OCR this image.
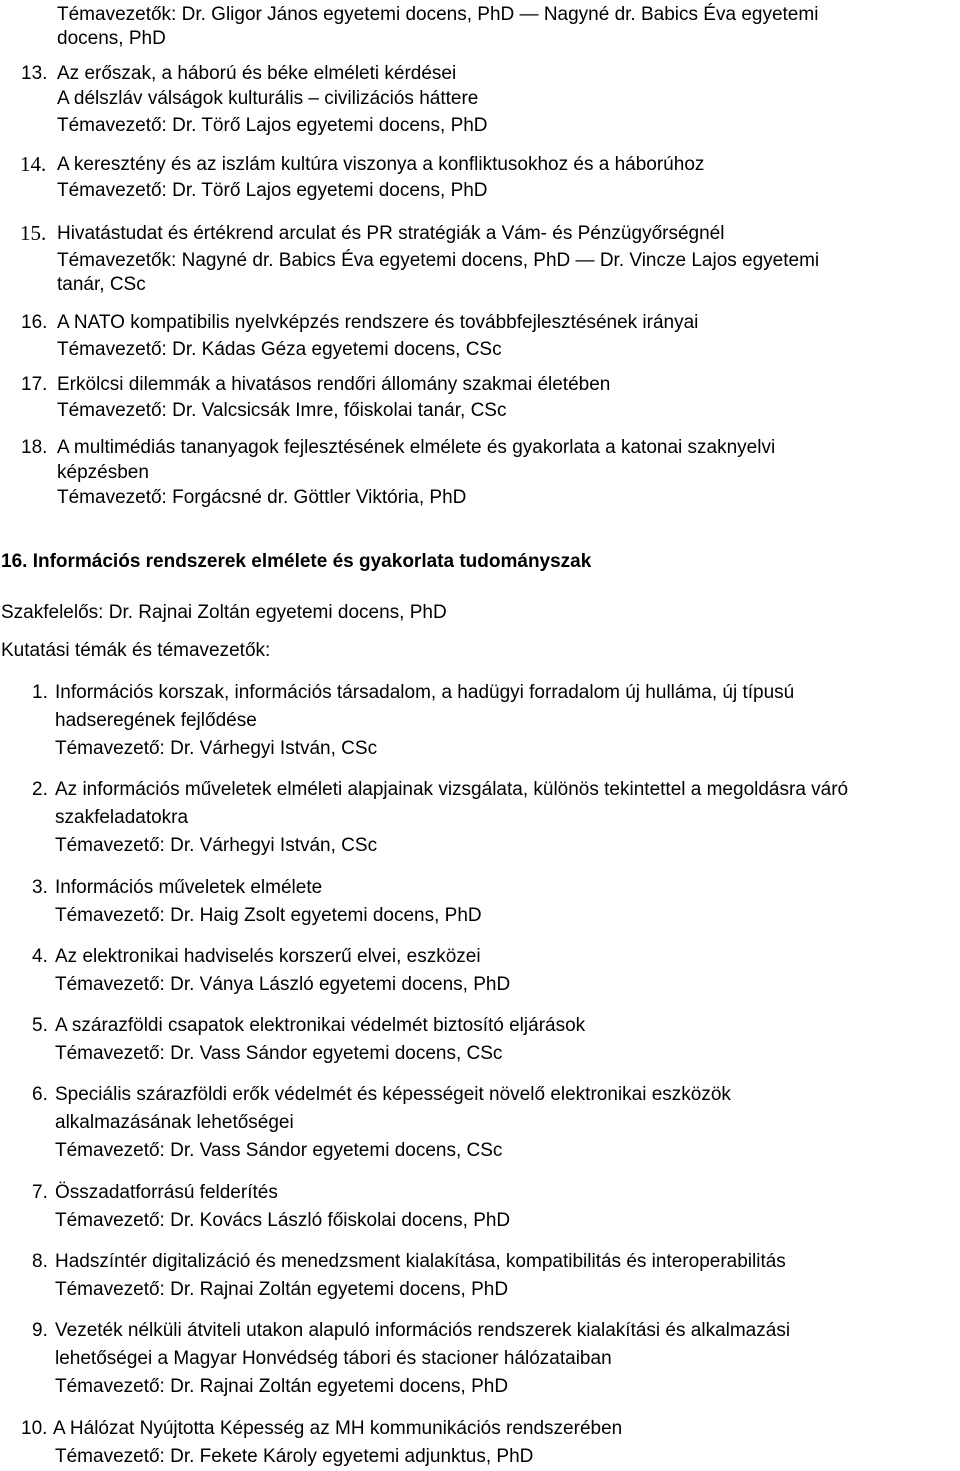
Témavezetők: Dr. Gligor János egyetemi docens, PhD — Nagyné dr. Babics Éva egyetemi
docens, PhD
13. Az erőszak, a háború és béke elméleti kérdései
A délszláv válságok kulturális – civilizációs háttere
Témavezető: Dr. Törő Lajos egyetemi docens, PhD
14. A keresztény és az iszlám kultúra viszonya a konfliktusokhoz és a háborúhoz
Témavezető: Dr. Törő Lajos egyetemi docens, PhD
15. Hivatástudat és értékrend arculat és PR stratégiák a Vám- és Pénzügyőrségnél
Témavezetők: Nagyné dr. Babics Éva egyetemi docens, PhD — Dr. Vincze Lajos egyetemi
tanár, CSc
16. A NATO kompatibilis nyelvképzés rendszere és továbbfejlesztésének irányai
Témavezető: Dr. Kádas Géza egyetemi docens, CSc
17. Erkölcsi dilemmák a hivatásos rendőri állomány szakmai életében
Témavezető: Dr. Valcsicsák Imre, főiskolai tanár, CSc
18. A multimédiás tananyagok fejlesztésének elmélete és gyakorlata a katonai szaknyelvi
képzésben
Témavezető: Forgácsné dr. Göttler Viktória, PhD
16. Információs rendszerek elmélete és gyakorlata tudományszak
Szakfelelős: Dr. Rajnai Zoltán egyetemi docens, PhD
Kutatási témák és témavezetők:
1. Információs korszak, információs társadalom, a hadügyi forradalom új hulláma, új típusú
hadseregének fejlődése
Témavezető: Dr. Várhegyi István, CSc
2. Az információs műveletek elméleti alapjainak vizsgálata, különös tekintettel a megoldásra váró
szakfeladatokra
Témavezető: Dr. Várhegyi István, CSc
3. Információs műveletek elmélete
Témavezető: Dr. Haig Zsolt egyetemi docens, PhD
4. Az elektronikai hadviselés korszerű elvei, eszközei
Témavezető: Dr. Ványa László egyetemi docens, PhD
5. A szárazföldi csapatok elektronikai védelmét biztosító eljárások
Témavezető: Dr. Vass Sándor egyetemi docens, CSc
6. Speciális szárazföldi erők védelmét és képességeit növelő elektronikai eszközök
alkalmazásának lehetőségei
Témavezető: Dr. Vass Sándor egyetemi docens, CSc
7. Összadatforrású felderítés
Témavezető: Dr. Kovács László főiskolai docens, PhD
8. Hadszíntér digitalizáció és menedzsment kialakítása, kompatibilitás és interoperabilitás
Témavezető: Dr. Rajnai Zoltán egyetemi docens, PhD
9. Vezeték nélküli átviteli utakon alapuló információs rendszerek kialakítási és alkalmazási
lehetőségei a Magyar Honvédség tábori és stacioner hálózataiban
Témavezető: Dr. Rajnai Zoltán egyetemi docens, PhD
10. A Hálózat Nyújtotta Képesség az MH kommunikációs rendszerében
Témavezető: Dr. Fekete Károly egyetemi adjunktus, PhD
